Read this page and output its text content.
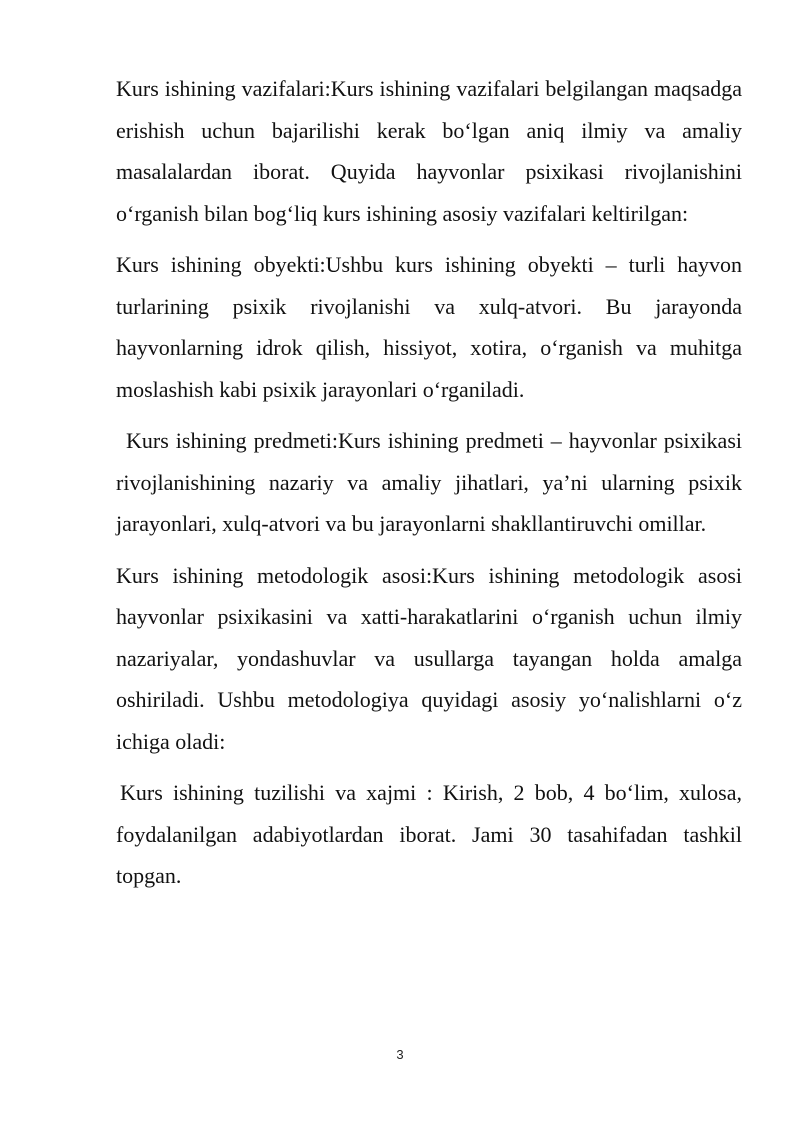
Kurs ishining vazifalari:Kurs ishining vazifalari belgilangan maqsadga erishish uchun bajarilishi kerak bo‘lgan aniq ilmiy va amaliy masalalardan iborat. Quyida hayvonlar psixikasi rivojlanishini o‘rganish bilan bog‘liq kurs ishining asosiy vazifalari keltirilgan:

Kurs ishining obyekti:Ushbu kurs ishining obyekti – turli hayvon turlarining psixik rivojlanishi va xulq-atvori. Bu jarayonda hayvonlarning idrok qilish, hissiyot, xotira, o‘rganish va muhitga moslashish kabi psixik jarayonlari o‘rganiladi.

Kurs ishining predmeti:Kurs ishining predmeti – hayvonlar psixikasi rivojlanishining nazariy va amaliy jihatlari, ya’ni ularning psixik jarayonlari, xulq-atvori va bu jarayonlarni shakllantiruvchi omillar.

Kurs ishining metodologik asosi:Kurs ishining metodologik asosi hayvonlar psixikasini va xatti-harakatlarini o‘rganish uchun ilmiy nazariyalar, yondashuvlar va usullarga tayangan holda amalga oshiriladi. Ushbu metodologiya quyidagi asosiy yo‘nalishlarni o‘z ichiga oladi:

Kurs ishining tuzilishi va xajmi : Kirish, 2 bob, 4 bo‘lim, xulosa, foydalanilgan adabiyotlardan iborat. Jami 30 tasahifadan tashkil topgan.

3
